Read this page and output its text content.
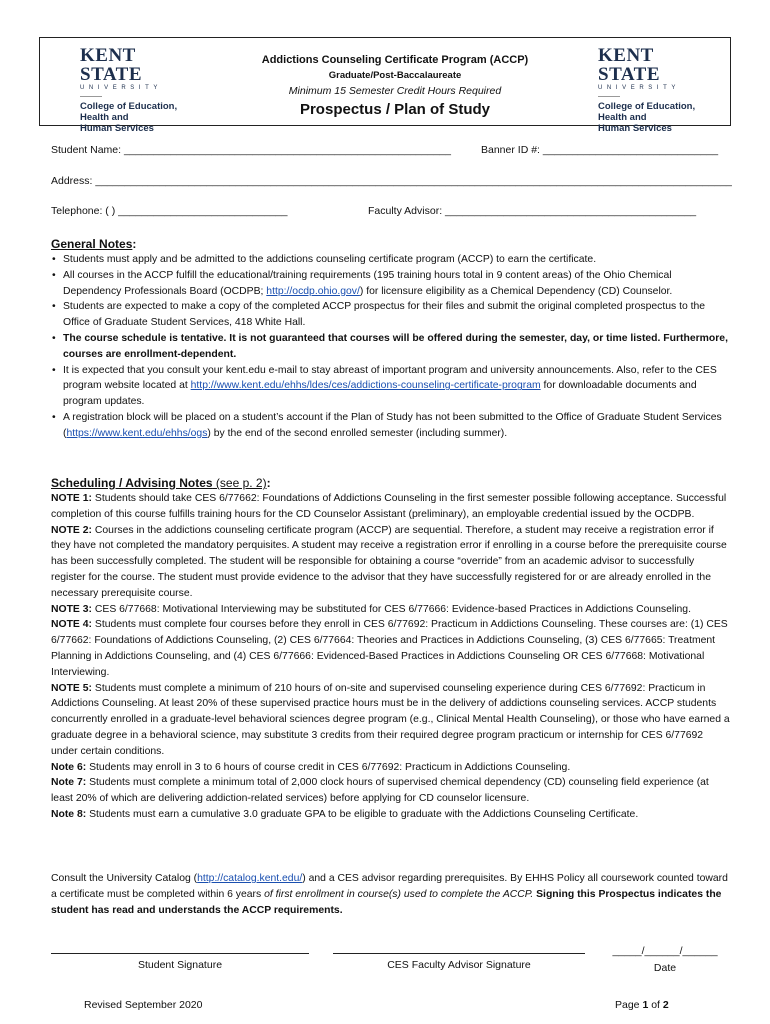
KENT STATE
UNIVERSITY
College of Education,
Health and
Human Services
Addictions Counseling Certificate Program (ACCP)
Graduate/Post-Baccalaureate
Minimum 15 Semester Credit Hours Required
Prospectus / Plan of Study
KENT STATE
UNIVERSITY
College of Education,
Health and
Human Services
Student Name: ________________________________________________________	Banner ID #: ______________________________
Address: _____________________________________________________________________________________________________________
Telephone: ( ) _____________________________	Faculty Advisor: ___________________________________________
General Notes:
• Students must apply and be admitted to the addictions counseling certificate program (ACCP) to earn the certificate.
• All courses in the ACCP fulfill the educational/training requirements (195 training hours total in 9 content areas) of the Ohio Chemical Dependency Professionals Board (OCDPB; http://ocdp.ohio.gov/) for licensure eligibility as a Chemical Dependency (CD) Counselor.
• Students are expected to make a copy of the completed ACCP prospectus for their files and submit the original completed prospectus to the Office of Graduate Student Services, 418 White Hall.
• The course schedule is tentative. It is not guaranteed that courses will be offered during the semester, day, or time listed. Furthermore, courses are enrollment-dependent.
• It is expected that you consult your kent.edu e-mail to stay abreast of important program and university announcements. Also, refer to the CES program website located at http://www.kent.edu/ehhs/ldes/ces/addictions-counseling-certificate-program for downloadable documents and program updates.
• A registration block will be placed on a student’s account if the Plan of Study has not been submitted to the Office of Graduate Student Services (https://www.kent.edu/ehhs/ogs) by the end of the second enrolled semester (including summer).
Scheduling / Advising Notes (see p. 2):

NOTE 1: Students should take CES 6/77662: Foundations of Addictions Counseling in the first semester possible following acceptance. Successful completion of this course fulfills training hours for the CD Counselor Assistant (preliminary), an employable credential issued by the OCDPB.

NOTE 2: Courses in the addictions counseling certificate program (ACCP) are sequential. Therefore, a student may receive a registration error if they have not completed the mandatory perquisites. A student may receive a registration error if enrolling in a course before the prerequisite course has been successfully completed. The student will be responsible for obtaining a course “override” from an academic advisor to successfully register for the course. The student must provide evidence to the advisor that they have successfully registered for or are already enrolled in the necessary prerequisite course.

NOTE 3: CES 6/77668: Motivational Interviewing may be substituted for CES 6/77666: Evidence-based Practices in Addictions Counseling.

NOTE 4: Students must complete four courses before they enroll in CES 6/77692: Practicum in Addictions Counseling. These courses are: (1) CES 6/77662: Foundations of Addictions Counseling, (2) CES 6/77664: Theories and Practices in Addictions Counseling, (3) CES 6/77665: Treatment Planning in Addictions Counseling, and (4) CES 6/77666: Evidenced-Based Practices in Addictions Counseling OR CES 6/77668: Motivational Interviewing.

NOTE 5: Students must complete a minimum of 210 hours of on-site and supervised counseling experience during CES 6/77692: Practicum in Addictions Counseling. At least 20% of these supervised practice hours must be in the delivery of addictions counseling services. ACCP students concurrently enrolled in a graduate-level behavioral sciences degree program (e.g., Clinical Mental Health Counseling), or those who have earned a graduate degree in a behavioral science, may substitute 3 credits from their required degree program practicum or internship for CES 6/77692 under certain conditions.

Note 6: Students may enroll in 3 to 6 hours of course credit in CES 6/77692: Practicum in Addictions Counseling.

Note 7: Students must complete a minimum total of 2,000 clock hours of supervised chemical dependency (CD) counseling field experience (at least 20% of which are delivering addiction-related services) before applying for CD counselor licensure.

Note 8: Students must earn a cumulative 3.0 graduate GPA to be eligible to graduate with the Addictions Counseling Certificate.

Consult the University Catalog (http://catalog.kent.edu/) and a CES advisor regarding prerequisites. By EHHS Policy all coursework counted toward a certificate must be completed within 6 years of first enrollment in course(s) used to complete the ACCP. Signing this Prospectus indicates the student has read and understands the ACCP requirements.
Student Signature	CES Faculty Advisor Signature
_____/______/______
Date
Revised September 2020	Page 1 of 2
